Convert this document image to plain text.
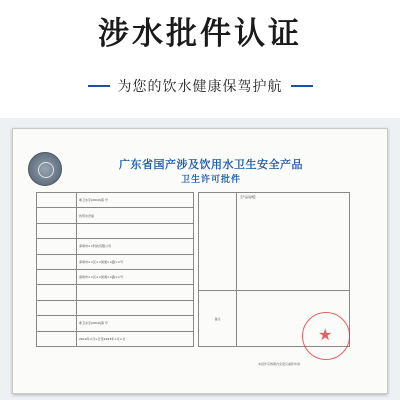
涉水批件认证
为您的饮水健康保驾护航
广东省国产涉及饮用水卫生安全产品
卫生许可批件
	粤卫水字(2019)第 号
	饮用水设备

	深圳市××科技有限公司
	深圳市××区××街道××路××号
	深圳市××区××街道××路××号

	粤卫水字(2019)第 号
	2019年×月×日至2023年×月×日

	【产品说明】

备注	
★
本批件有效期内变更应重新申请
